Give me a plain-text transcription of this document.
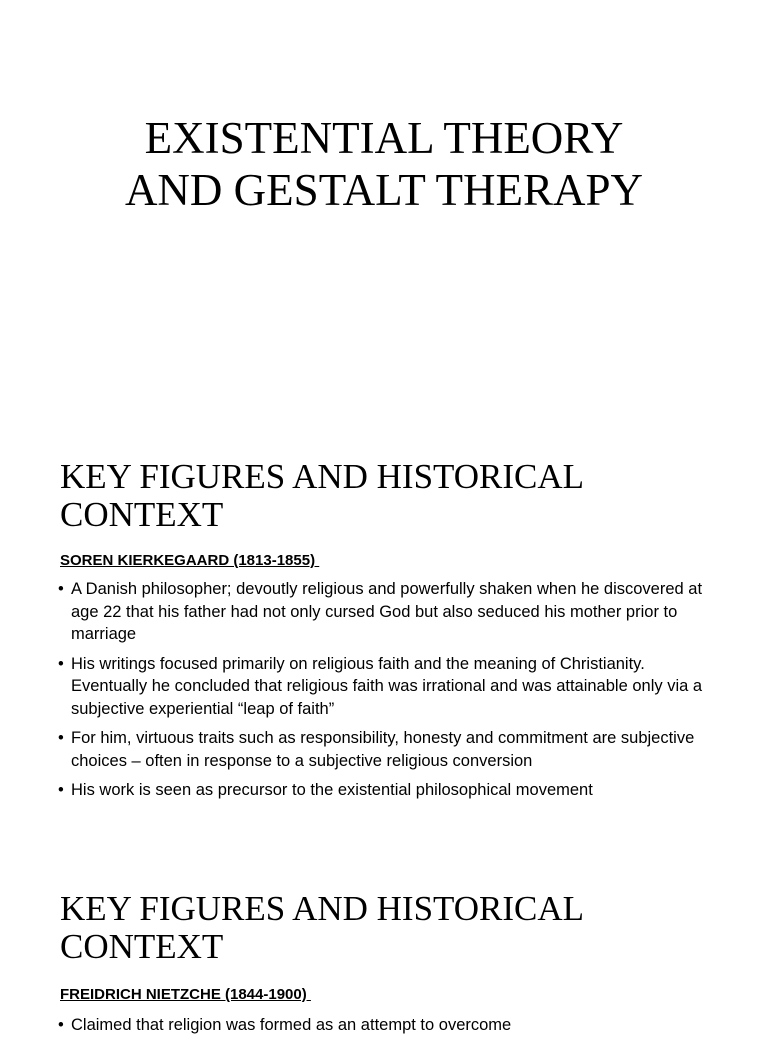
EXISTENTIAL THEORY
AND GESTALT THERAPY
KEY FIGURES AND HISTORICAL
CONTEXT

SOREN KIERKEGAARD (1813-1855)

• A Danish philosopher; devoutly religious and powerfully shaken when he discovered at age 22 that his father had not only cursed God but also seduced his mother prior to marriage
• His writings focused primarily on religious faith and the meaning of Christianity. Eventually he concluded that religious faith was irrational and was attainable only via a subjective experiential “leap of faith”
• For him, virtuous traits such as responsibility, honesty and commitment are subjective choices – often in response to a subjective religious conversion
• His work is seen as precursor to the existential philosophical movement
KEY FIGURES AND HISTORICAL
CONTEXT

FREIDRICH NIETZCHE (1844-1900)

• Claimed that religion was formed as an attempt to overcome
